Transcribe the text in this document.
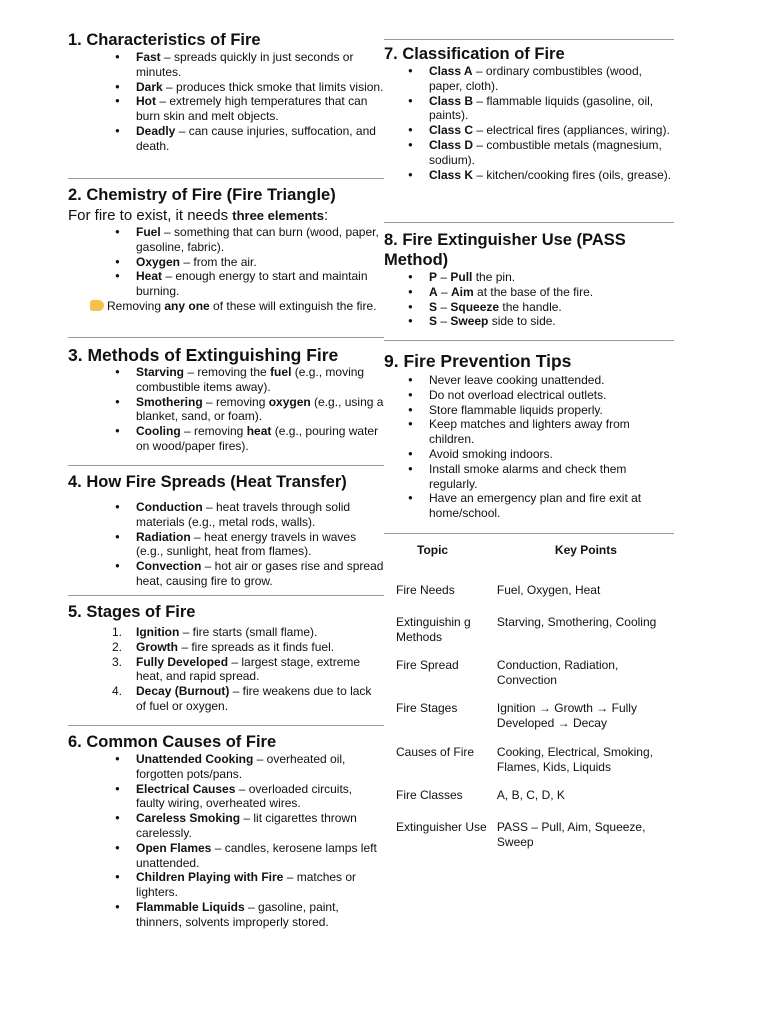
1. Characteristics of Fire
● Fast – spreads quickly in just seconds or minutes.
● Dark – produces thick smoke that limits vision.
● Hot – extremely high temperatures that can burn skin and melt objects.
● Deadly – can cause injuries, suffocation, and death.
2. Chemistry of Fire (Fire Triangle)
For fire to exist, it needs three elements:
● Fuel – something that can burn (wood, paper, gasoline, fabric).
● Oxygen – from the air.
● Heat – enough energy to start and maintain burning.
Removing any one of these will extinguish the fire.
3. Methods of Extinguishing Fire
● Starving – removing the fuel (e.g., moving combustible items away).
● Smothering – removing oxygen (e.g., using a blanket, sand, or foam).
● Cooling – removing heat (e.g., pouring water on wood/paper fires).
4. How Fire Spreads (Heat Transfer)
● Conduction – heat travels through solid materials (e.g., metal rods, walls).
● Radiation – heat energy travels in waves (e.g., sunlight, heat from flames).
● Convection – hot air or gases rise and spread heat, causing fire to grow.
5. Stages of Fire
1. Ignition – fire starts (small flame).
2. Growth – fire spreads as it finds fuel.
3. Fully Developed – largest stage, extreme heat, and rapid spread.
4. Decay (Burnout) – fire weakens due to lack of fuel or oxygen.
6. Common Causes of Fire
● Unattended Cooking – overheated oil, forgotten pots/pans.
● Electrical Causes – overloaded circuits, faulty wiring, overheated wires.
● Careless Smoking – lit cigarettes thrown carelessly.
● Open Flames – candles, kerosene lamps left unattended.
● Children Playing with Fire – matches or lighters.
● Flammable Liquids – gasoline, paint, thinners, solvents improperly stored.
7. Classification of Fire
● Class A – ordinary combustibles (wood, paper, cloth).
● Class B – flammable liquids (gasoline, oil, paints).
● Class C – electrical fires (appliances, wiring).
● Class D – combustible metals (magnesium, sodium).
● Class K – kitchen/cooking fires (oils, grease).
8. Fire Extinguisher Use (PASS Method)
● P – Pull the pin.
● A – Aim at the base of the fire.
● S – Squeeze the handle.
● S – Sweep side to side.
9. Fire Prevention Tips
● Never leave cooking unattended.
● Do not overload electrical outlets.
● Store flammable liquids properly.
● Keep matches and lighters away from children.
● Avoid smoking indoors.
● Install smoke alarms and check them regularly.
● Have an emergency plan and fire exit at home/school.
Topic	Key Points
Fire Needs	Fuel, Oxygen, Heat
Extinguishin g Methods	Starving, Smothering, Cooling
Fire Spread	Conduction, Radiation, Convection
Fire Stages	Ignition → Growth → Fully Developed → Decay
Causes of Fire	Cooking, Electrical, Smoking, Flames, Kids, Liquids
Fire Classes	A, B, C, D, K
Extinguisher Use	PASS – Pull, Aim, Squeeze, Sweep
